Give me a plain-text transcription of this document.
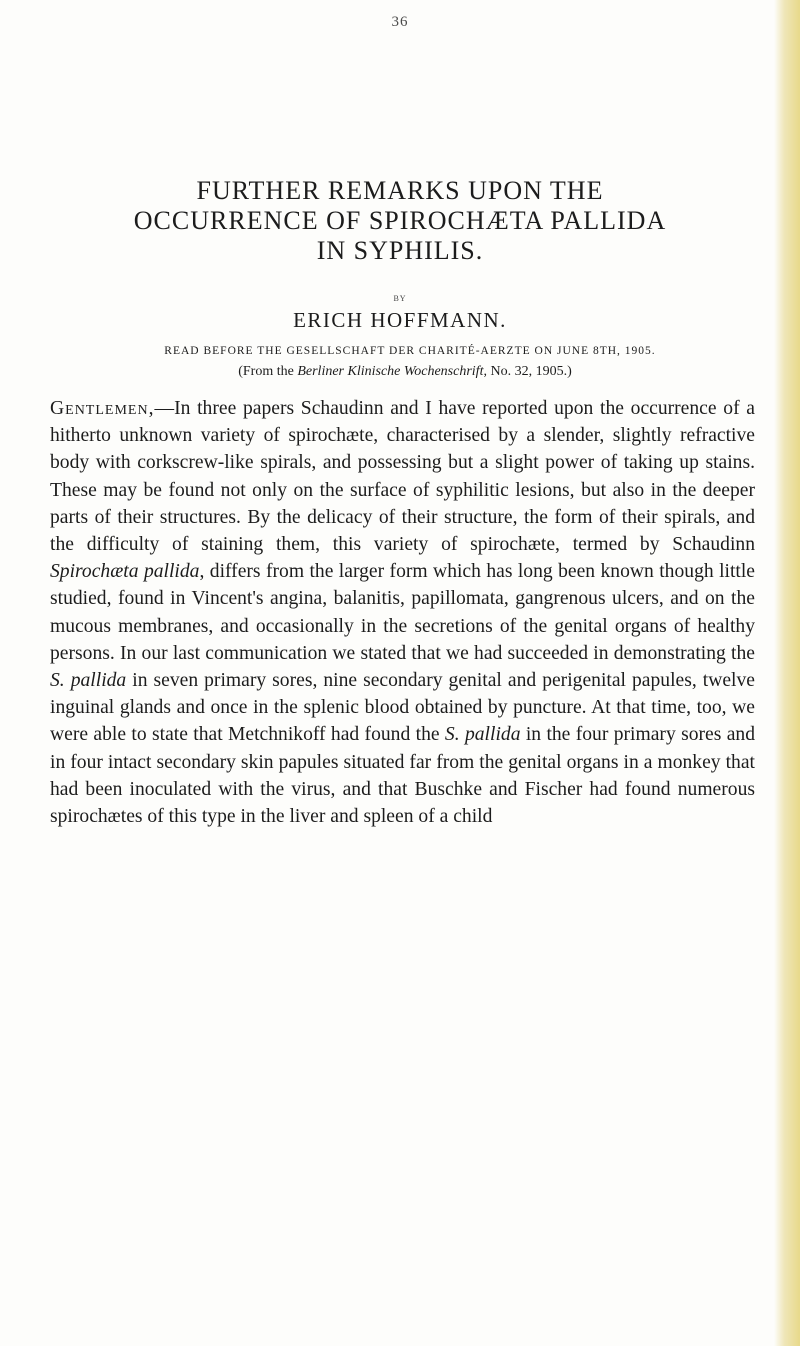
36
FURTHER REMARKS UPON THE
OCCURRENCE OF SPIROCHÆTA PALLIDA
IN SYPHILIS.
BY
ERICH HOFFMANN.
READ BEFORE THE GESELLSCHAFT DER CHARITÉ-AERZTE ON JUNE 8TH, 1905.
(From the Berliner Klinische Wochenschrift, No. 32, 1905.)

Gentlemen,—In three papers Schaudinn and I have reported upon the occurrence of a hitherto unknown variety of spirochæte, characterised by a slender, slightly refractive body with corkscrew-like spirals, and possessing but a slight power of taking up stains. These may be found not only on the surface of syphilitic lesions, but also in the deeper parts of their structures. By the delicacy of their structure, the form of their spirals, and the difficulty of staining them, this variety of spirochæte, termed by Schaudinn Spirochæta pallida, differs from the larger form which has long been known though little studied, found in Vincent's angina, balanitis, papillomata, gangrenous ulcers, and on the mucous membranes, and occasionally in the secretions of the genital organs of healthy persons. In our last communication we stated that we had succeeded in demonstrating the S. pallida in seven primary sores, nine secondary genital and perigenital papules, twelve inguinal glands and once in the splenic blood obtained by puncture. At that time, too, we were able to state that Metchnikoff had found the S. pallida in the four primary sores and in four intact secondary skin papules situated far from the genital organs in a monkey that had been inoculated with the virus, and that Buschke and Fischer had found numerous spirochætes of this type in the liver and spleen of a child
